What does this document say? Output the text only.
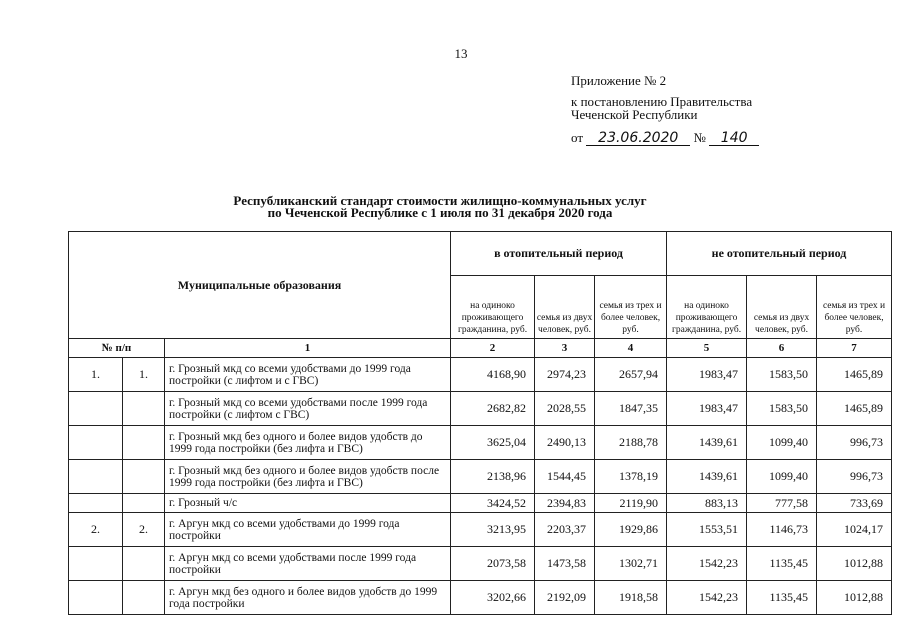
13
Приложение № 2
к постановлению Правительства
Чеченской Республики
от 23.06.2020 № 140
Республиканский стандарт стоимости жилищно-коммунальных услуг
по Чеченской Республике с 1 июля по 31 декабря 2020 года
Муниципальные образования			в отопительный период			не отопительный период		
			на одиноко проживающего гражданина, руб.	семья из двух человек, руб.	семья из трех и более человек, руб.	на одиноко проживающего гражданина, руб.	семья из двух человек, руб.	семья из трех и более человек, руб.
№ п/п		1	2	3	4	5	6	7
1.	1.	г. Грозный мкд со всеми удобствами до 1999 года постройки (с лифтом и с ГВС)	4168,90	2974,23	2657,94	1983,47	1583,50	1465,89
		г. Грозный мкд со всеми удобствами после 1999 года постройки (с лифтом с ГВС)	2682,82	2028,55	1847,35	1983,47	1583,50	1465,89
		г. Грозный мкд без одного и более видов удобств до 1999 года постройки (без лифта и ГВС)	3625,04	2490,13	2188,78	1439,61	1099,40	996,73
		г. Грозный мкд без одного и более видов удобств после 1999 года постройки (без лифта и ГВС)	2138,96	1544,45	1378,19	1439,61	1099,40	996,73
		г. Грозный ч/с	3424,52	2394,83	2119,90	883,13	777,58	733,69
2.	2.	г. Аргун мкд со всеми удобствами до 1999 года постройки	3213,95	2203,37	1929,86	1553,51	1146,73	1024,17
		г. Аргун мкд со всеми удобствами после 1999 года постройки	2073,58	1473,58	1302,71	1542,23	1135,45	1012,88
		г. Аргун мкд без одного и более видов удобств до 1999 года постройки	3202,66	2192,09	1918,58	1542,23	1135,45	1012,88
